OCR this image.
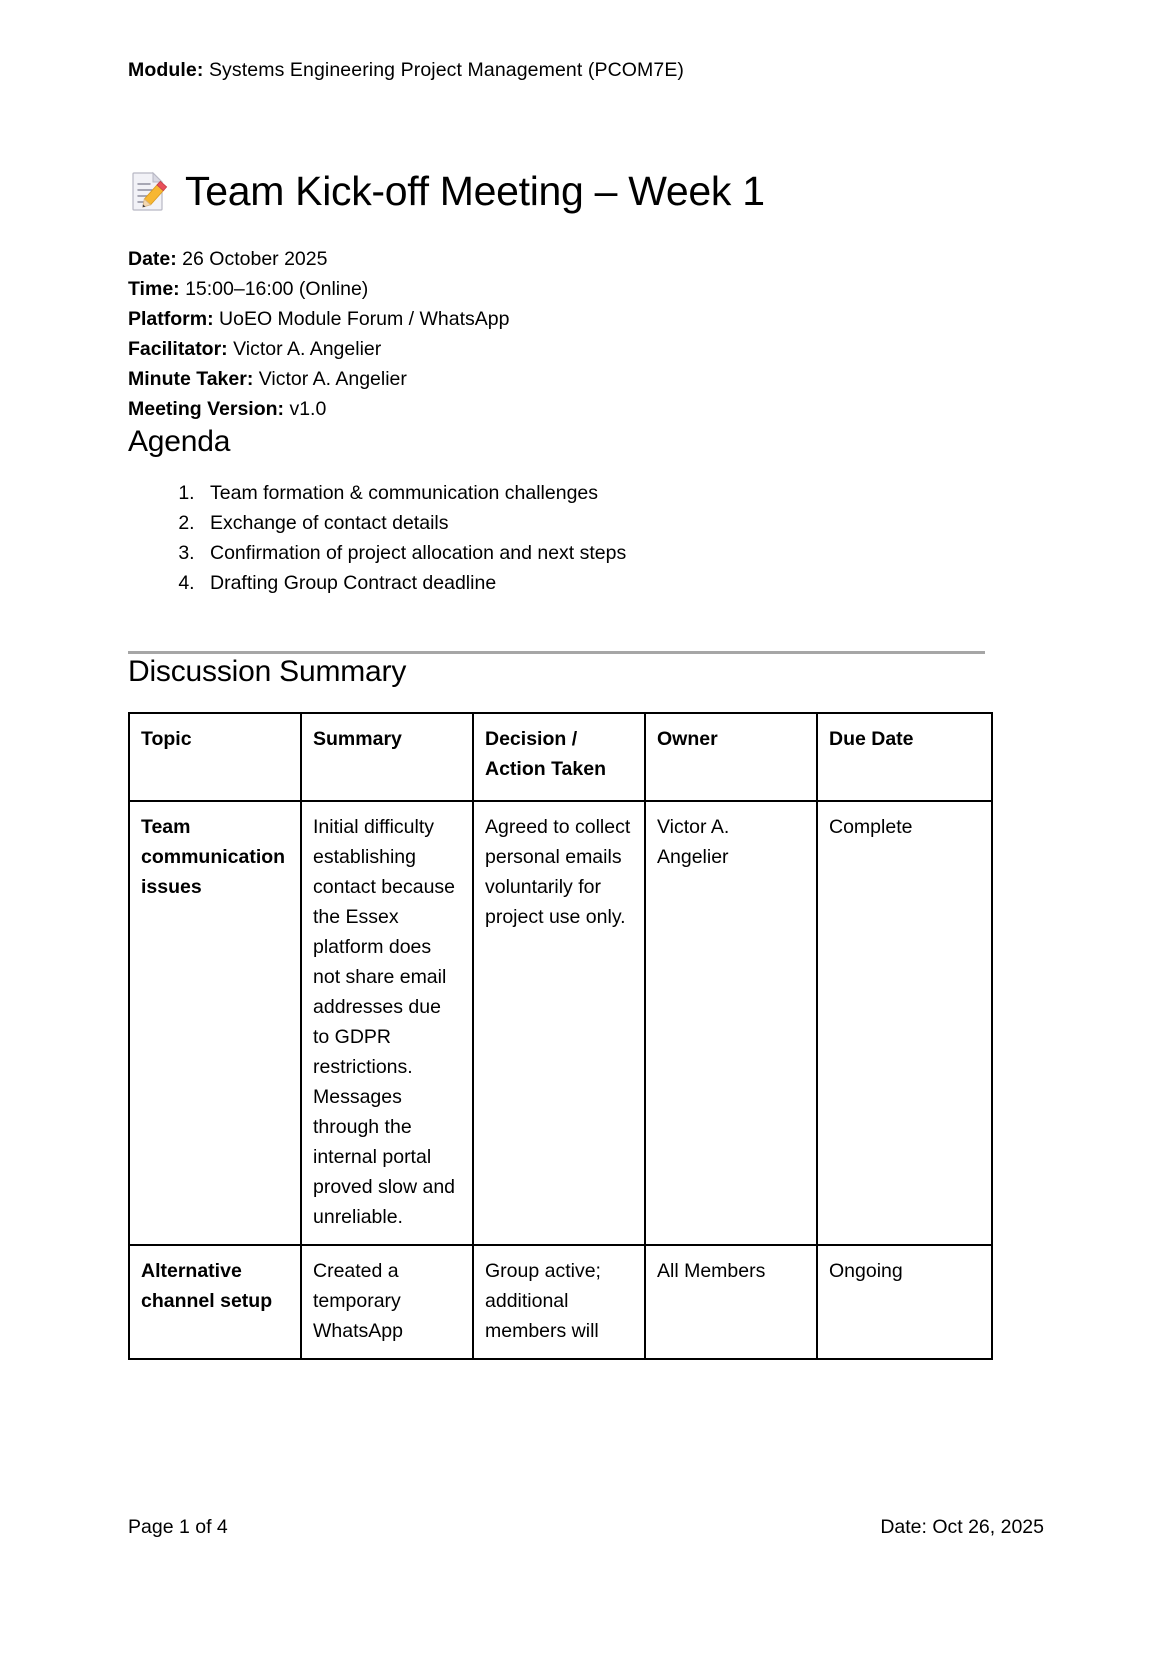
Module: Systems Engineering Project Management (PCOM7E)
Team Kick-off Meeting – Week 1
Date: 26 October 2025
Time: 15:00–16:00 (Online)
Platform: UoEO Module Forum / WhatsApp
Facilitator: Victor A. Angelier
Minute Taker: Victor A. Angelier
Meeting Version: v1.0
Agenda
1. Team formation & communication challenges
2. Exchange of contact details
3. Confirmation of project allocation and next steps
4. Drafting Group Contract deadline
Discussion Summary
Topic	Summary	Decision / Action Taken	Owner	Due Date
Team communication issues	Initial difficulty establishing contact because the Essex platform does not share email addresses due to GDPR restrictions. Messages through the internal portal proved slow and unreliable.	Agreed to collect personal emails voluntarily for project use only.	Victor A. Angelier	Complete
Alternative channel setup	Created a temporary WhatsApp	Group active; additional members will	All Members	Ongoing
Page 1 of 4	Date: Oct 26, 2025
